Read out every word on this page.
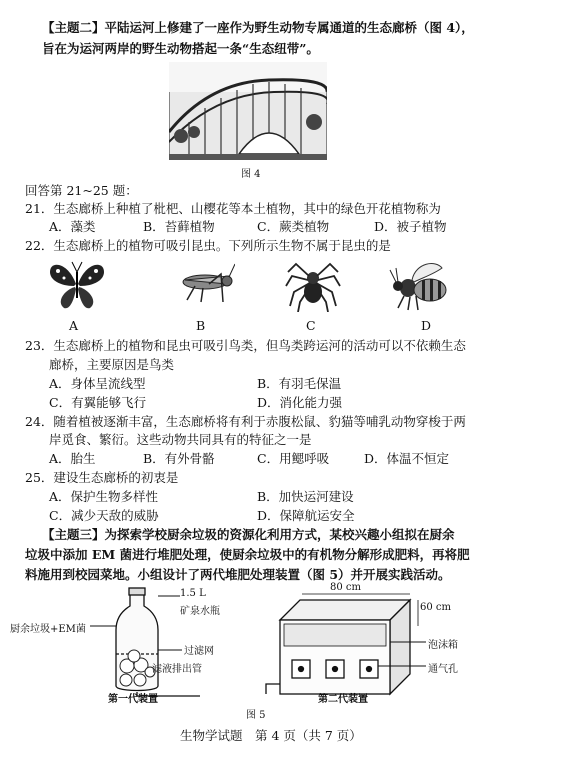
【主题二】平陆运河上修建了一座作为野生动物专属通道的生态廊桥（图 4），
旨在为运河两岸的野生动物搭起一条“生态纽带”。
图 4
回答第 21~25 题：
21．生态廊桥上种植了枇杷、山樱花等本土植物，其中的绿色开花植物称为
A．藻类	B．苔藓植物	C．蕨类植物	D．被子植物
22．生态廊桥上的植物可吸引昆虫。下列所示生物不属于昆虫的是
A	B	C	D
23．生态廊桥上的植物和昆虫可吸引鸟类，但鸟类跨运河的活动可以不依赖生态
廊桥，主要原因是鸟类
A．身体呈流线型	B．有羽毛保温
C．有翼能够飞行	D．消化能力强
24．随着植被逐渐丰富，生态廊桥将有利于赤腹松鼠、豹猫等哺乳动物穿梭于两
岸觅食、繁衍。这些动物共同具有的特征之一是
A．胎生	B．有外骨骼	C．用鳃呼吸	D．体温不恒定
25．建设生态廊桥的初衷是
A．保护生物多样性	B．加快运河建设
C．减少天敌的威胁	D．保障航运安全
【主题三】为探索学校厨余垃圾的资源化利用方式，某校兴趣小组拟在厨余
垃圾中添加 EM 菌进行堆肥处理，使厨余垃圾中的有机物分解形成肥料，再将肥
料施用到校园菜地。小组设计了两代堆肥处理装置（图 5）并开展实践活动。
1.5 L
矿泉水瓶
厨余垃圾+EM菌
过滤网
滤液排出管
第一代装置
80 cm
60 cm
泡沫箱
通气孔
第二代装置
图 5
生物学试题　第 4 页（共 7 页）
